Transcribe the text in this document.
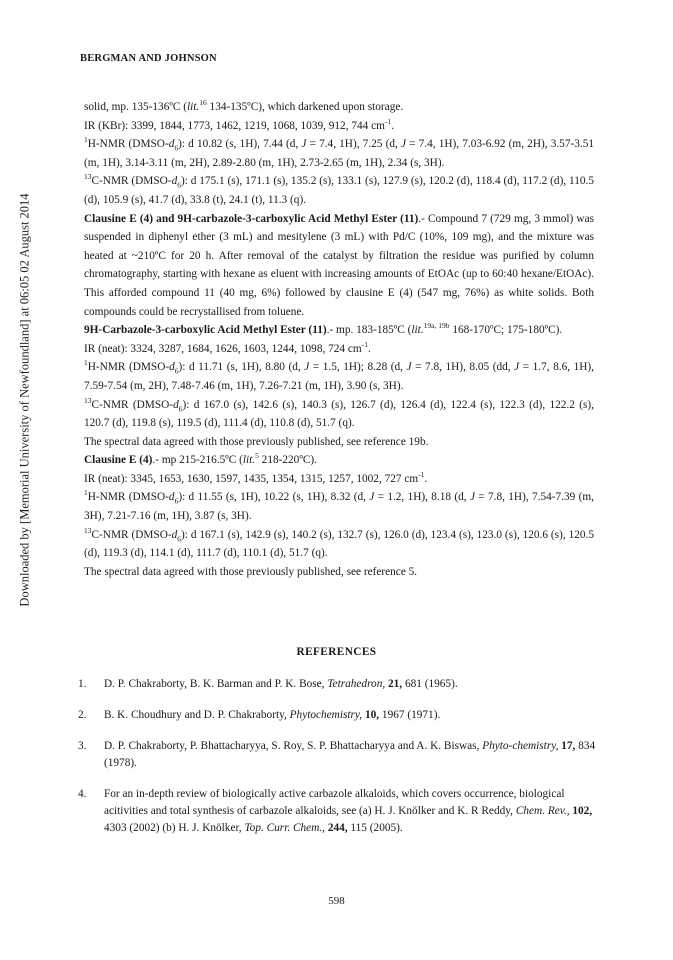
Downloaded by [Memorial University of Newfoundland] at 06:05 02 August 2014
BERGMAN AND JOHNSON

solid, mp. 135-136ºC (lit.$^{16}$ 134-135ºC), which darkened upon storage.

IR (KBr): 3399, 1844, 1773, 1462, 1219, 1068, 1039, 912, 744 $cm^{-1}$.

$^1$H-NMR $(DMSO-d_6)$: d 10.82 (s, 1H), 7.44 (d, J = 7.4, 1H), 7.25 (d, J = 7.4, 1H), 7.03-6.92 (m, 2H), 3.57-3.51 (m, 1H), 3.14-3.11 (m, 2H), 2.89-2.80 (m, 1H), 2.73-2.65 (m, 1H), 2.34 (s, 3H).

$^{13}$C-NMR $(DMSO-d_6)$: d 175.1 (s), 171.1 (s), 135.2 (s), 133.1 (s), 127.9 (s), 120.2 (d), 118.4 (d), 117.2 (d), 110.5 (d), 105.9 (s), 41.7 (d), 33.8 (t), 24.1 (t), 11.3 (q).

Clausine E (4) and 9H-carbazole-3-carboxylic Acid Methyl Ester (11).- Compound 7 (729 mg, 3 mmol) was suspended in diphenyl ether (3 mL) and mesitylene (3 mL) with Pd/C (10%, 109 mg), and the mixture was heated at ~210ºC for 20 h. After removal of the catalyst by filtration the residue was purified by column chromatography, starting with hexane as eluent with increasing amounts of EtOAc (up to 60:40 hexane/EtOAc). This afforded compound 11 (40 mg, 6%) followed by clausine E (4) (547 mg, 76%) as white solids. Both compounds could be recrystallised from toluene.

9H-Carbazole-3-carboxylic Acid Methyl Ester (11).- mp. 183-185ºC (lit.$^{19a, 19b}$ 168-170ºC; 175-180ºC).

IR (neat): 3324, 3287, 1684, 1626, 1603, 1244, 1098, 724 $cm^{-1}$.

$^1$H-NMR $(DMSO-d_6)$: d 11.71 (s, 1H), 8.80 (d, J = 1.5, 1H); 8.28 (d, J = 7.8, 1H), 8.05 (dd, J = 1.7, 8.6, 1H), 7.59-7.54 (m, 2H), 7.48-7.46 (m, 1H), 7.26-7.21 (m, 1H), 3.90 (s, 3H).

$^{13}$C-NMR $(DMSO-d_6)$: d 167.0 (s), 142.6 (s), 140.3 (s), 126.7 (d), 126.4 (d), 122.4 (s), 122.3 (d), 122.2 (s), 120.7 (d), 119.8 (s), 119.5 (d), 111.4 (d), 110.8 (d), 51.7 (q).

The spectral data agreed with those previously published, see reference 19b.

Clausine E (4).- mp 215-216.5ºC (lit.$^5$ 218-220ºC).

IR (neat): 3345, 1653, 1630, 1597, 1435, 1354, 1315, 1257, 1002, 727 $cm^{-1}$.

$^1$H-NMR $(DMSO-d_6)$: d 11.55 (s, 1H), 10.22 (s, 1H), 8.32 (d, J = 1.2, 1H), 8.18 (d, J = 7.8, 1H), 7.54-7.39 (m, 3H), 7.21-7.16 (m, 1H), 3.87 (s, 3H).

$^{13}$C-NMR $(DMSO-d_6)$: d 167.1 (s), 142.9 (s), 140.2 (s), 132.7 (s), 126.0 (d), 123.4 (s), 123.0 (s), 120.6 (s), 120.5 (d), 119.3 (d), 114.1 (d), 111.7 (d), 110.1 (d), 51.7 (q).

The spectral data agreed with those previously published, see reference 5.

REFERENCES
1. D. P. Chakraborty, B. K. Barman and P. K. Bose, Tetrahedron, 21, 681 (1965).
2. B. K. Choudhury and D. P. Chakraborty, Phytochemistry, 10, 1967 (1971).
3. D. P. Chakraborty, P. Bhattacharyya, S. Roy, S. P. Bhattacharyya and A. K. Biswas, Phyto-chemistry, 17, 834 (1978).
4. For an in-depth review of biologically active carbazole alkaloids, which covers occurrence, biological acitivities and total synthesis of carbazole alkaloids, see (a) H. J. Knölker and K. R Reddy, Chem. Rev., 102, 4303 (2002) (b) H. J. Knölker, Top. Curr. Chem., 244, 115 (2005).
598
